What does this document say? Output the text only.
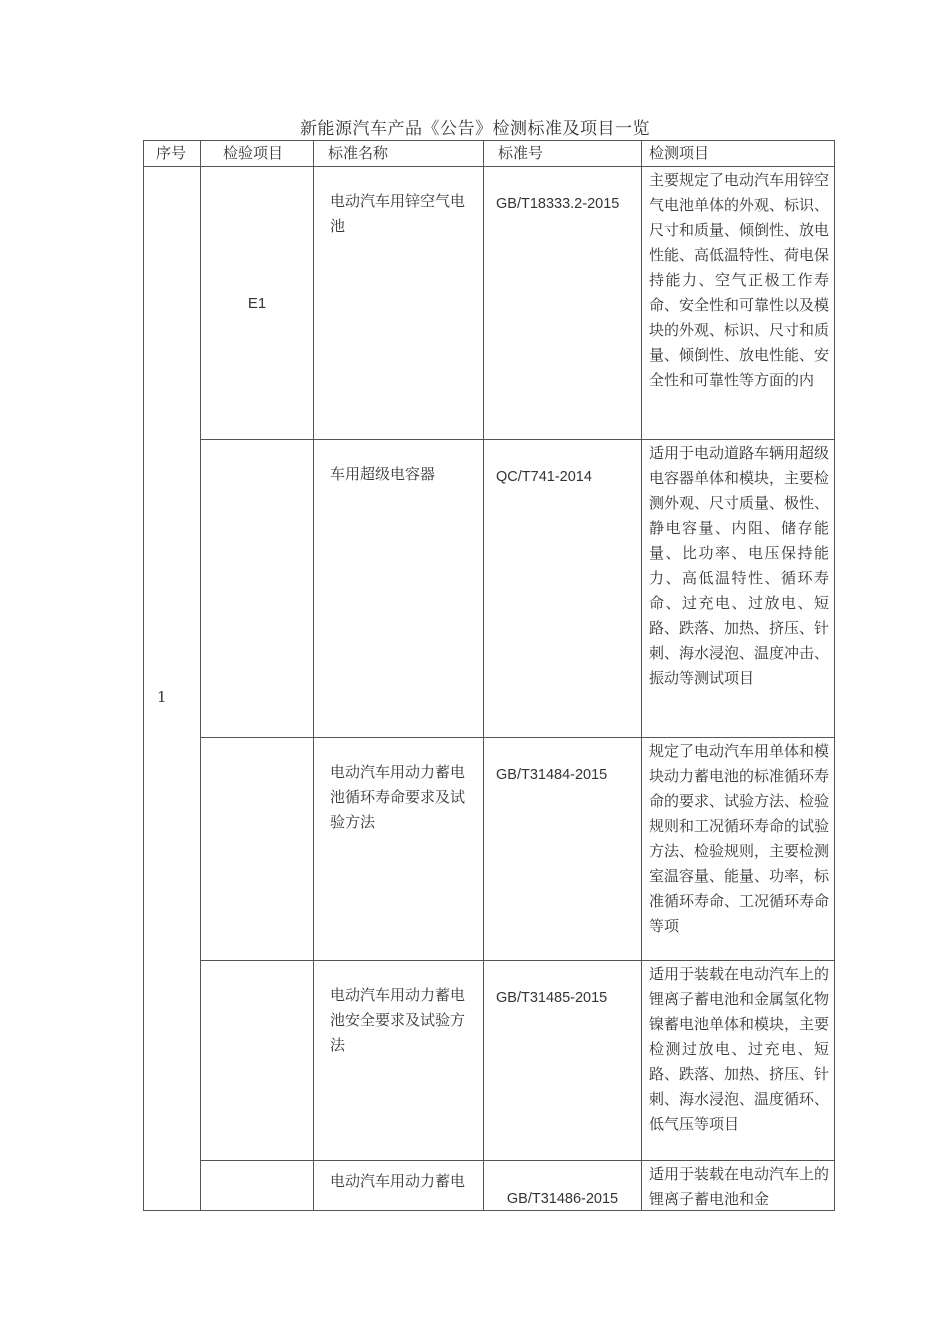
新能源汽车产品《公告》检测标准及项目一览
序号	检验项目	标准名称	标准号	检测项目
1	E1	电动汽车用锌空气电池	GB/T18333.2-2015	主要规定了电动汽车用锌空气电池单体的外观、标识、尺寸和质量、倾倒性、放电性能、高低温特性、荷电保持能力、空气正极工作寿命、安全性和可靠性以及模块的外观、标识、尺寸和质量、倾倒性、放电性能、安全性和可靠性等方面的内

		车用超级电容器	QC/T741-2014	适用于电动道路车辆用超级电容器单体和模块，主要检测外观、尺寸质量、极性、静电容量、内阻、储存能量、比功率、电压保持能力、高低温特性、循环寿命、过充电、过放电、短路、跌落、加热、挤压、针刺、海水浸泡、温度冲击、振动等测试项目
		电动汽车用动力蓄电池循环寿命要求及试验方法	GB/T31484-2015	规定了电动汽车用单体和模块动力蓄电池的标准循环寿命的要求、试验方法、检验规则和工况循环寿命的试验方法、检验规则，主要检测室温容量、能量、功率，标准循环寿命、工况循环寿命等项
		电动汽车用动力蓄电池安全要求及试验方法	GB/T31485-2015	适用于装载在电动汽车上的锂离子蓄电池和金属氢化物镍蓄电池单体和模块，主要检测过放电、过充电、短路、跌落、加热、挤压、针刺、海水浸泡、温度循环、低气压等项目
		电动汽车用动力蓄电	GB/T31486-2015	适用于装载在电动汽车上的锂离子蓄电池和金
